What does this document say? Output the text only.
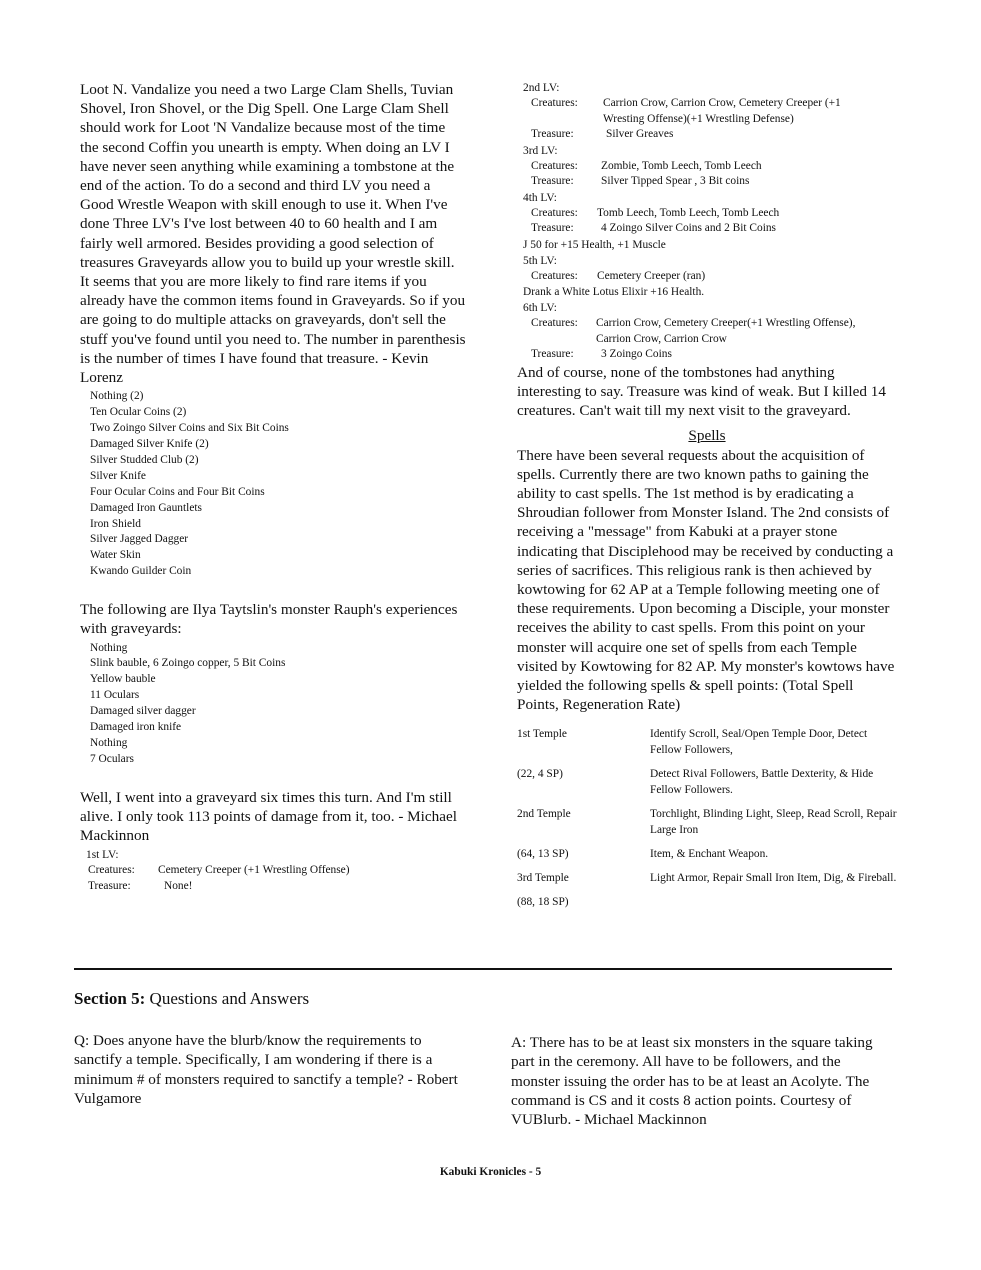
Loot N. Vandalize you need a two Large Clam Shells, Tuvian Shovel, Iron Shovel, or the Dig Spell. One Large Clam Shell should work for Loot 'N Vandalize because most of the time the second Coffin you unearth is empty. When doing an LV I have never seen anything while examining a tombstone at the end of the action. To do a second and third LV you need a Good Wrestle Weapon with skill enough to use it. When I've done Three LV's I've lost between 40 to 60 health and I am fairly well armored. Besides providing a good selection of treasures Graveyards allow you to build up your wrestle skill. It seems that you are more likely to find rare items if you already have the common items found in Graveyards. So if you are going to do multiple attacks on graveyards, don't sell the stuff you've found until you need to. The number in parenthesis is the number of times I have found that treasure. - Kevin Lorenz

Nothing (2)
Ten Ocular Coins (2)
Two Zoingo Silver Coins and Six Bit Coins
Damaged Silver Knife (2)
Silver Studded Club (2)
Silver Knife
Four Ocular Coins and Four Bit Coins
Damaged Iron Gauntlets
Iron Shield
Silver Jagged Dagger
Water Skin
Kwando Guilder Coin

The following are Ilya Taytslin's monster Rauph's experiences with graveyards:

Nothing
Slink bauble, 6 Zoingo copper, 5 Bit Coins
Yellow bauble
11 Oculars
Damaged silver dagger
Damaged iron knife
Nothing
7 Oculars

Well, I went into a graveyard six times this turn. And I'm still alive. I only took 113 points of damage from it, too. - Michael Mackinnon

1st LV:
Creatures:	Cemetery Creeper (+1 Wrestling Offense)
Treasure:	None!
2nd LV:
Creatures:	Carrion Crow, Carrion Crow, Cemetery Creeper (+1 Wresting Offense)(+1 Wrestling Defense)
Treasure:	Silver Greaves
3rd LV:
Creatures:	Zombie, Tomb Leech, Tomb Leech
Treasure:	Silver Tipped Spear , 3 Bit coins
4th LV:
Creatures:	Tomb Leech, Tomb Leech, Tomb Leech
Treasure:	4 Zoingo Silver Coins and 2 Bit Coins
J 50 for +15 Health, +1 Muscle
5th LV:
Creatures:	Cemetery Creeper (ran)
Drank a White Lotus Elixir +16 Health.
6th LV:
Creatures:	Carrion Crow, Cemetery Creeper(+1 Wrestling Offense), Carrion Crow, Carrion Crow
Treasure:	3 Zoingo Coins

And of course, none of the tombstones had anything interesting to say. Treasure was kind of weak. But I killed 14 creatures. Can't wait till my next visit to the graveyard.

Spells

There have been several requests about the acquisition of spells. Currently there are two known paths to gaining the ability to cast spells. The 1st method is by eradicating a Shroudian follower from Monster Island. The 2nd consists of receiving a "message" from Kabuki at a prayer stone indicating that Disciplehood may be received by conducting a series of sacrifices. This religious rank is then achieved by kowtowing for 62 AP at a Temple following meeting one of these requirements. Upon becoming a Disciple, your monster receives the ability to cast spells. From this point on your monster will acquire one set of spells from each Temple visited by Kowtowing for 82 AP. My monster's kowtows have yielded the following spells & spell points: (Total Spell Points, Regeneration Rate)

1st Temple	Identify Scroll, Seal/Open Temple Door, Detect Fellow Followers,
(22, 4 SP)	Detect Rival Followers, Battle Dexterity, & Hide Fellow Followers.
2nd Temple	Torchlight, Blinding Light, Sleep, Read Scroll, Repair Large Iron
(64, 13 SP)	Item, & Enchant Weapon.
3rd Temple	Light Armor, Repair Small Iron Item, Dig, & Fireball.
(88, 18 SP)
Section 5: Questions and Answers

Q: Does anyone have the blurb/know the requirements to sanctify a temple. Specifically, I am wondering if there is a minimum # of monsters required to sanctify a temple? - Robert Vulgamore

A: There has to be at least six monsters in the square taking part in the ceremony. All have to be followers, and the monster issuing the order has to be at least an Acolyte. The command is CS and it costs 8 action points. Courtesy of VUBlurb. - Michael Mackinnon

Kabuki Kronicles - 5
